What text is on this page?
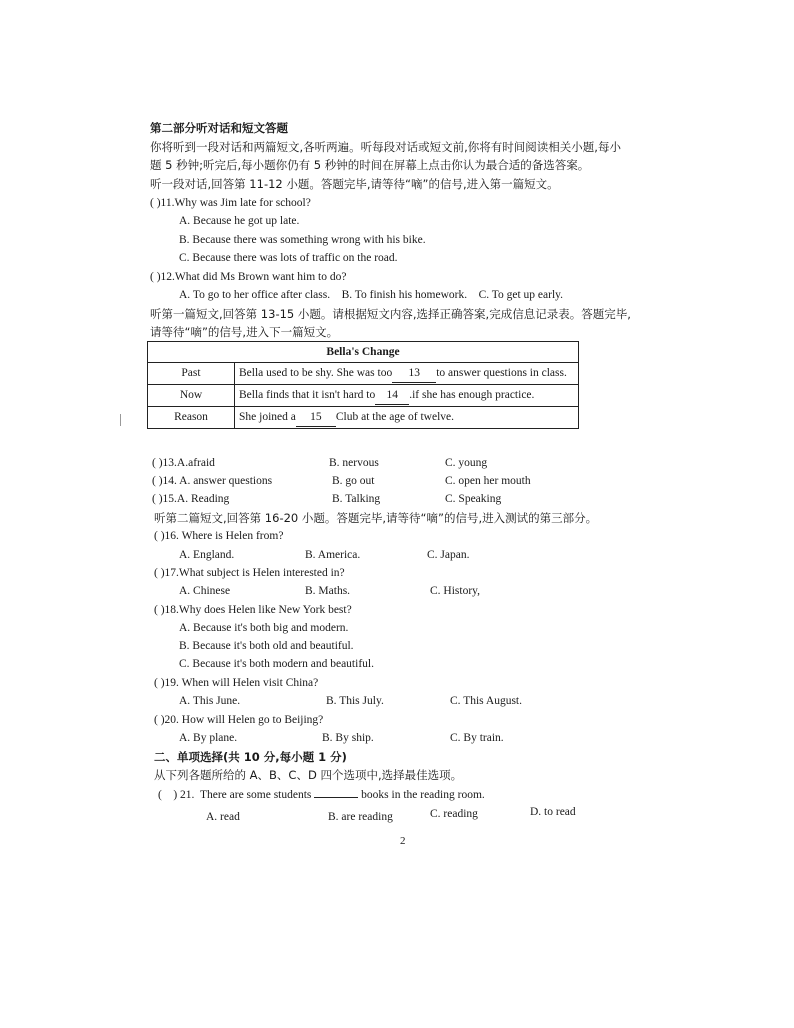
第二部分听对话和短文答题
你将听到一段对话和两篇短文,各听两遍。听每段对话或短文前,你将有时间阅读相关小题,每小
题 5 秒钟;听完后,每小题你仍有 5 秒钟的时间在屏幕上点击你认为最合适的备选答案。
听一段对话,回答第 11-12 小题。答题完毕,请等待“嘀”的信号,进入第一篇短文。
( )11.Why was Jim late for school?
A. Because he got up late.
B. Because there was something wrong with his bike.
C. Because there was lots of traffic on the road.
( )12.What did Ms Brown want him to do?
A. To go to her office after class.    B. To finish his homework.    C. To get up early.
听第一篇短文,回答第 13-15 小题。请根据短文内容,选择正确答案,完成信息记录表。答题完毕,
请等待“嘀”的信号,进入下一篇短文。
Bella's Change	
Past	Bella used to be shy. She was too 13 to answer questions in class.
Now	Bella finds that it isn't hard to 14 .if she has enough practice.
Reason	She joined a 15 Club at the age of twelve.
( )13.A.afraid	B. nervous	C. young
( )14. A. answer questions	B. go out	C. open her mouth
( )15.A. Reading	B. Talking	C. Speaking
听第二篇短文,回答第 16-20 小题。答题完毕,请等待“嘀”的信号,进入测试的第三部分。
( )16. Where is Helen from?
A. England.	B. America.	C. Japan.
( )17.What subject is Helen interested in?
A. Chinese	B. Maths.	C. History,
( )18.Why does Helen like New York best?
A. Because it's both big and modern.
B. Because it's both old and beautiful.
C. Because it's both modern and beautiful.
( )19. When will Helen visit China?
A. This June.	B. This July.	C. This August.
( )20. How will Helen go to Beijing?
A. By plane.	B. By ship.	C. By train.
二、单项选择(共 10 分,每小题 1 分)
从下列各题所给的 A、B、C、D 四个选项中,选择最佳选项。
(    ) 21.  There are some students	books in the reading room.
A. read	B. are reading	C. reading	D. to read
2
